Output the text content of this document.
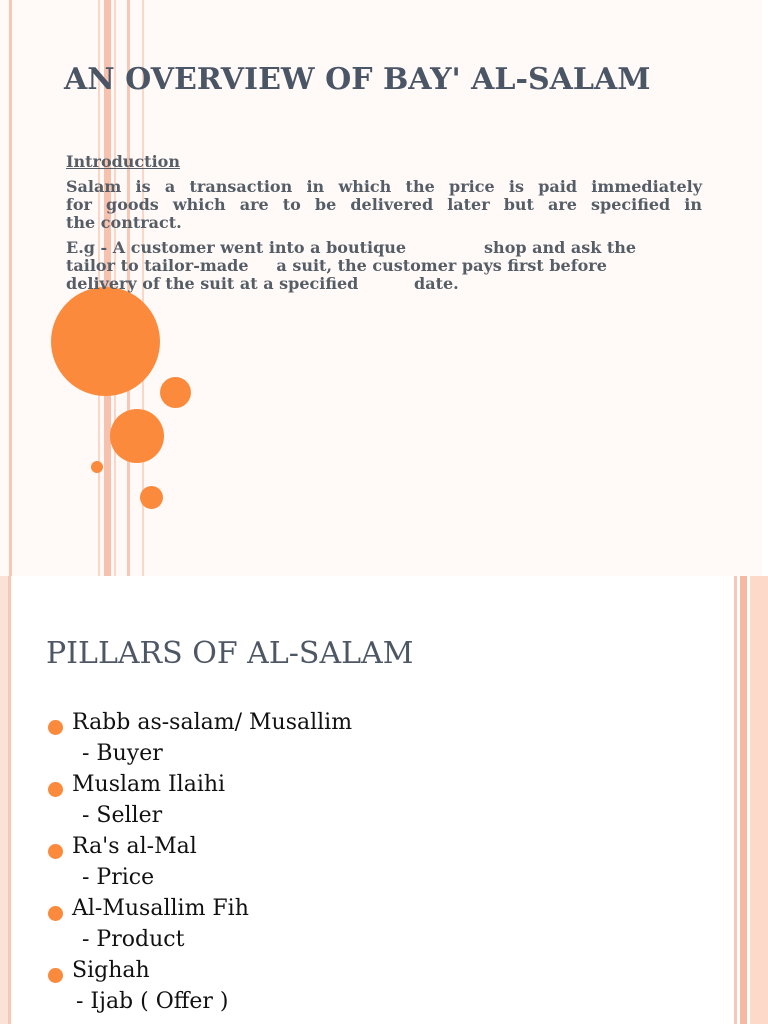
AN OVERVIEW OF BAY' AL-SALAM

Introduction

Salam is a transaction in which the price is paid immediately
for goods which are to be delivered later but are specified in
the contract.

E.g - A customer went into a boutique              shop and ask the
tailor to tailor-made     a suit, the customer pays first before
delivery of the suit at a specified          date.

PILLARS OF AL-SALAM
Rabb as-salam/ Musallim
- Buyer
Muslam Ilaihi
- Seller
Ra's al-Mal
- Price
Al-Musallim Fih
- Product
Sighah
- Ijab ( Offer )
